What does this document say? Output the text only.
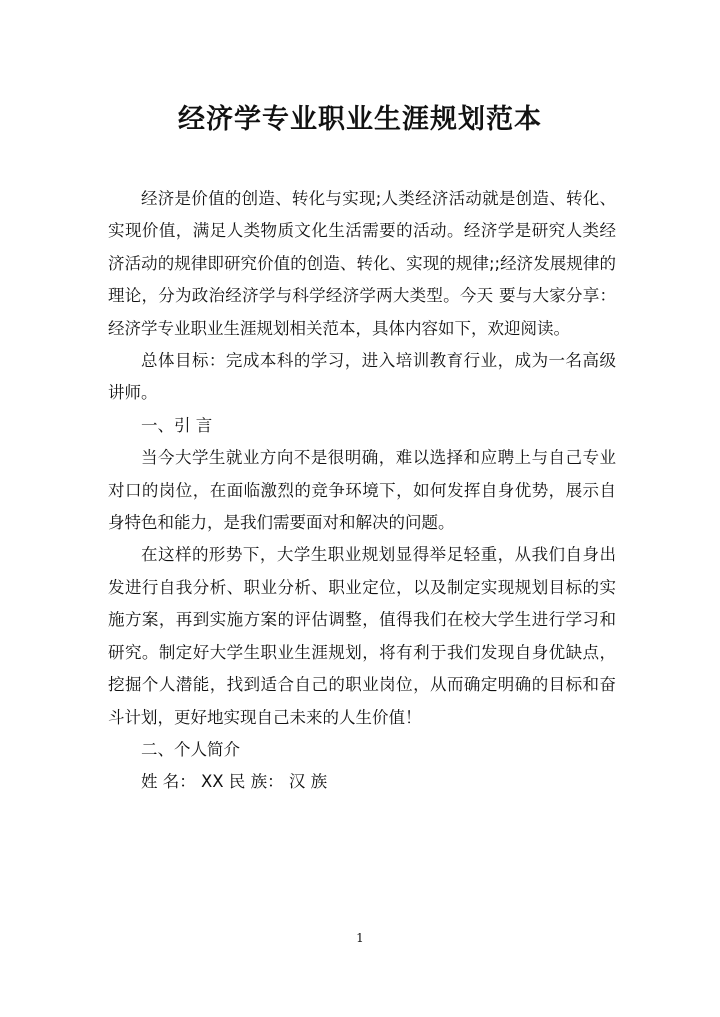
经济学专业职业生涯规划范本

经济是价值的创造、转化与实现;人类经济活动就是创造、转化、实现价值，满足人类物质文化生活需要的活动。经济学是研究人类经济活动的规律即研究价值的创造、转化、实现的规律;;经济发展规律的理论，分为政治经济学与科学经济学两大类型。今天 要与大家分享：经济学专业职业生涯规划相关范本，具体内容如下，欢迎阅读。

总体目标：完成本科的学习，进入培训教育行业，成为一名高级讲师。

一、引 言

当今大学生就业方向不是很明确，难以选择和应聘上与自己专业对口的岗位，在面临激烈的竞争环境下，如何发挥自身优势，展示自身特色和能力，是我们需要面对和解决的问题。

在这样的形势下，大学生职业规划显得举足轻重，从我们自身出发进行自我分析、职业分析、职业定位，以及制定实现规划目标的实施方案，再到实施方案的评估调整，值得我们在校大学生进行学习和研究。制定好大学生职业生涯规划，将有利于我们发现自身优缺点，挖掘个人潜能，找到适合自己的职业岗位，从而确定明确的目标和奋斗计划，更好地实现自己未来的人生价值！

二、个人简介

姓 名： XX 民 族： 汉 族

1
